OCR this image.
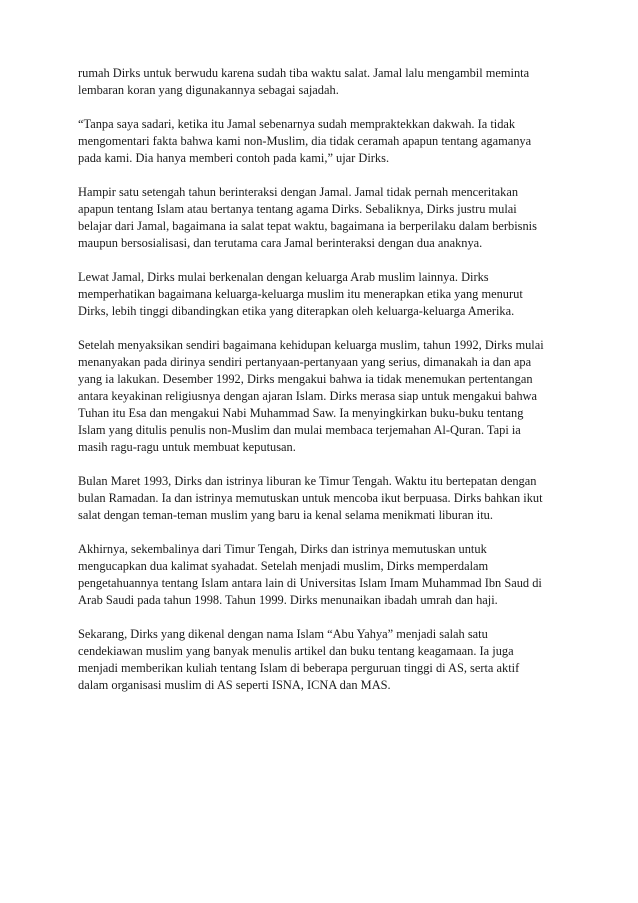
rumah Dirks untuk berwudu karena sudah tiba waktu salat. Jamal lalu mengambil meminta
lembaran koran yang digunakannya sebagai sajadah.

“Tanpa saya sadari, ketika itu Jamal sebenarnya sudah mempraktekkan dakwah. Ia tidak
mengomentari fakta bahwa kami non-Muslim, dia tidak ceramah apapun tentang agamanya
pada kami. Dia hanya memberi contoh pada kami,” ujar Dirks.

Hampir satu setengah tahun berinteraksi dengan Jamal. Jamal tidak pernah menceritakan
apapun tentang Islam atau bertanya tentang agama Dirks. Sebaliknya, Dirks justru mulai
belajar dari Jamal, bagaimana ia salat tepat waktu, bagaimana ia berperilaku dalam berbisnis
maupun bersosialisasi, dan terutama cara Jamal berinteraksi dengan dua anaknya.

Lewat Jamal, Dirks mulai berkenalan dengan keluarga Arab muslim lainnya. Dirks
memperhatikan bagaimana keluarga-keluarga muslim itu menerapkan etika yang menurut
Dirks, lebih tinggi dibandingkan etika yang diterapkan oleh keluarga-keluarga Amerika.

Setelah menyaksikan sendiri bagaimana kehidupan keluarga muslim, tahun 1992, Dirks mulai
menanyakan pada dirinya sendiri pertanyaan-pertanyaan yang serius, dimanakah ia dan apa
yang ia lakukan. Desember 1992, Dirks mengakui bahwa ia tidak menemukan pertentangan
antara keyakinan religiusnya dengan ajaran Islam. Dirks merasa siap untuk mengakui bahwa
Tuhan itu Esa dan mengakui Nabi Muhammad Saw. Ia menyingkirkan buku-buku tentang
Islam yang ditulis penulis non-Muslim dan mulai membaca terjemahan Al-Quran. Tapi ia
masih ragu-ragu untuk membuat keputusan.

Bulan Maret 1993, Dirks dan istrinya liburan ke Timur Tengah. Waktu itu bertepatan dengan
bulan Ramadan. Ia dan istrinya memutuskan untuk mencoba ikut berpuasa. Dirks bahkan ikut
salat dengan teman-teman muslim yang baru ia kenal selama menikmati liburan itu.

Akhirnya, sekembalinya dari Timur Tengah, Dirks dan istrinya memutuskan untuk
mengucapkan dua kalimat syahadat. Setelah menjadi muslim, Dirks memperdalam
pengetahuannya tentang Islam antara lain di Universitas Islam Imam Muhammad Ibn Saud di
Arab Saudi pada tahun 1998. Tahun 1999. Dirks menunaikan ibadah umrah dan haji.

Sekarang, Dirks yang dikenal dengan nama Islam “Abu Yahya” menjadi salah satu
cendekiawan muslim yang banyak menulis artikel dan buku tentang keagamaan. Ia juga
menjadi memberikan kuliah tentang Islam di beberapa perguruan tinggi di AS, serta aktif
dalam organisasi muslim di AS seperti ISNA, ICNA dan MAS.
